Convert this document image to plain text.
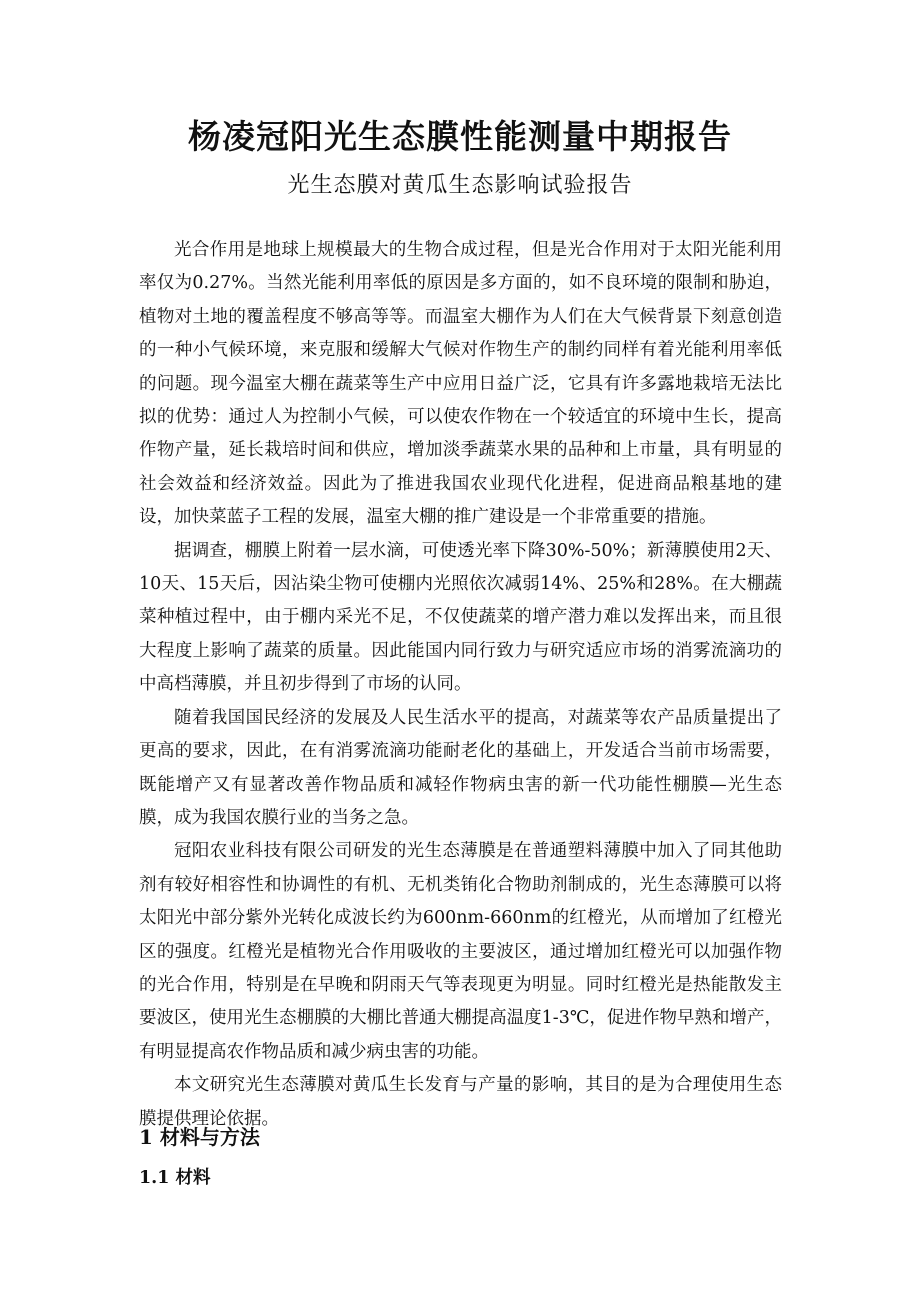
杨凌冠阳光生态膜性能测量中期报告
光生态膜对黄瓜生态影响试验报告

光合作用是地球上规模最大的生物合成过程，但是光合作用对于太阳光能利用率仅为0.27%。当然光能利用率低的原因是多方面的，如不良环境的限制和胁迫，植物对土地的覆盖程度不够高等等。而温室大棚作为人们在大气候背景下刻意创造的一种小气候环境，来克服和缓解大气候对作物生产的制约同样有着光能利用率低的问题。现今温室大棚在蔬菜等生产中应用日益广泛，它具有许多露地栽培无法比拟的优势：通过人为控制小气候，可以使农作物在一个较适宜的环境中生长，提高作物产量，延长栽培时间和供应，增加淡季蔬菜水果的品种和上市量，具有明显的社会效益和经济效益。因此为了推进我国农业现代化进程，促进商品粮基地的建设，加快菜蓝子工程的发展，温室大棚的推广建设是一个非常重要的措施。

据调查，棚膜上附着一层水滴，可使透光率下降30%-50%；新薄膜使用2天、10天、15天后，因沾染尘物可使棚内光照依次减弱14%、25%和28%。在大棚蔬菜种植过程中，由于棚内采光不足，不仅使蔬菜的增产潜力难以发挥出来，而且很大程度上影响了蔬菜的质量。因此能国内同行致力与研究适应市场的消雾流滴功的中高档薄膜，并且初步得到了市场的认同。

随着我国国民经济的发展及人民生活水平的提高，对蔬菜等农产品质量提出了更高的要求，因此，在有消雾流滴功能耐老化的基础上，开发适合当前市场需要，既能增产又有显著改善作物品质和减轻作物病虫害的新一代功能性棚膜—光生态膜，成为我国农膜行业的当务之急。

冠阳农业科技有限公司研发的光生态薄膜是在普通塑料薄膜中加入了同其他助剂有较好相容性和协调性的有机、无机类铕化合物助剂制成的，光生态薄膜可以将太阳光中部分紫外光转化成波长约为600nm-660nm的红橙光，从而增加了红橙光区的强度。红橙光是植物光合作用吸收的主要波区，通过增加红橙光可以加强作物的光合作用，特别是在早晚和阴雨天气等表现更为明显。同时红橙光是热能散发主要波区，使用光生态棚膜的大棚比普通大棚提高温度1-3℃，促进作物早熟和增产，有明显提高农作物品质和减少病虫害的功能。

本文研究光生态薄膜对黄瓜生长发育与产量的影响，其目的是为合理使用生态膜提供理论依据。

1 材料与方法
1.1 材料
